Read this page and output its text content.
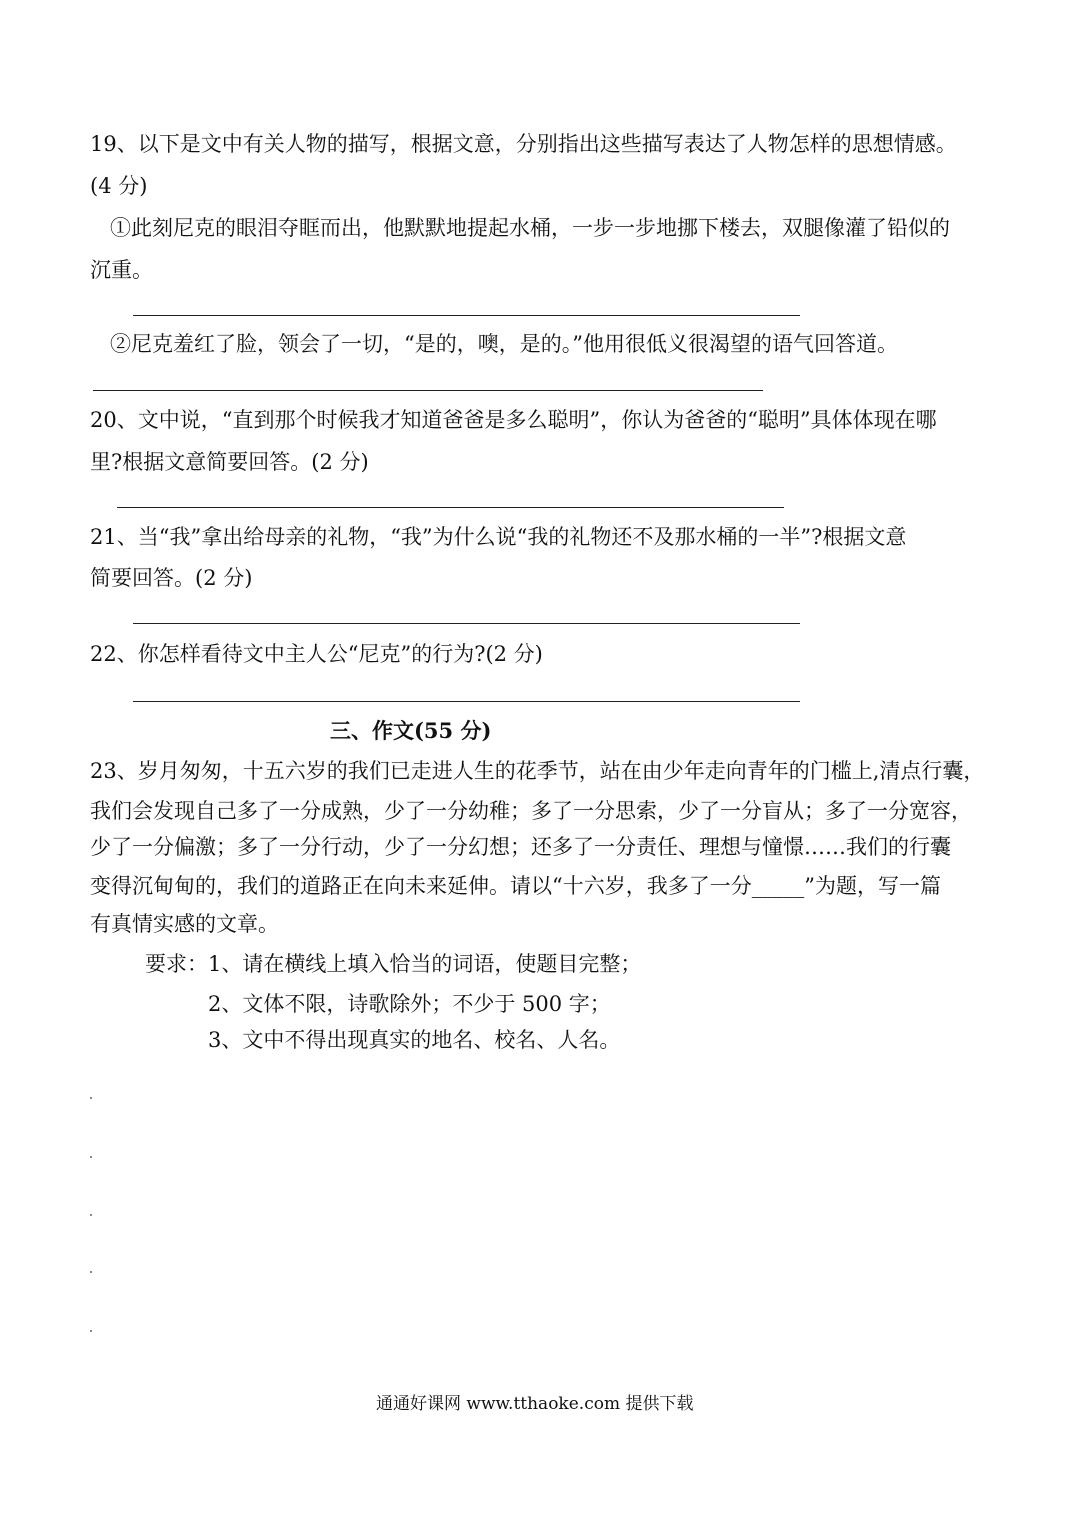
19、以下是文中有关人物的描写，根据文意，分别指出这些描写表达了人物怎样的思想情感。
(4 分)
①此刻尼克的眼泪夺眶而出，他默默地提起水桶，一步一步地挪下楼去，双腿像灌了铅似的
沉重。
②尼克羞红了脸，领会了一切，“是的，噢，是的。”他用很低义很渴望的语气回答道。
20、文中说，“直到那个时候我才知道爸爸是多么聪明”，你认为爸爸的“聪明”具体体现在哪
里?根据文意简要回答。(2 分)
21、当“我”拿出给母亲的礼物，“我”为什么说“我的礼物还不及那水桶的一半”?根据文意
简要回答。(2 分)
22、你怎样看待文中主人公“尼克”的行为?(2 分)
三、作文(55 分)
23、岁月匆匆，十五六岁的我们已走进人生的花季节，站在由少年走向青年的门槛上,清点行囊，
我们会发现自己多了一分成熟，少了一分幼稚；多了一分思索，少了一分盲从；多了一分宽容，
少了一分偏激；多了一分行动，少了一分幻想；还多了一分责任、理想与憧憬……我们的行囊
变得沉甸甸的，我们的道路正在向未来延伸。请以“十六岁，我多了一分_____”为题，写一篇
有真情实感的文章。
要求：1、请在横线上填入恰当的词语，使题目完整；
2、文体不限，诗歌除外；不少于 500 字；
3、文中不得出现真实的地名、校名、人名。
通通好课网 www.tthaoke.com 提供下载
